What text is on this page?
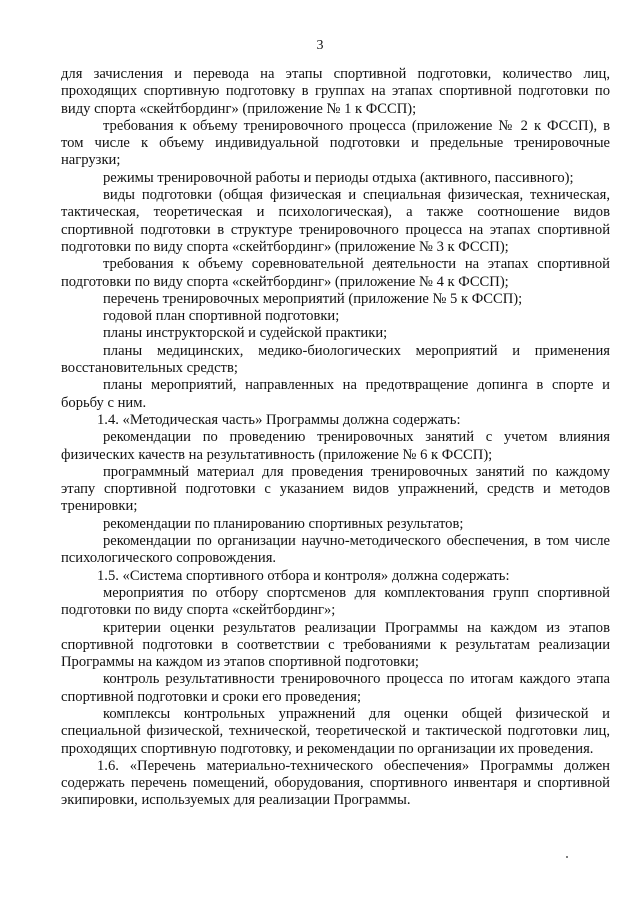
3

для зачисления и перевода на этапы спортивной подготовки, количество лиц, проходящих спортивную подготовку в группах на этапах спортивной подготовки по виду спорта «скейтбординг» (приложение № 1 к ФССП);

требования к объему тренировочного процесса (приложение № 2 к ФССП), в том числе к объему индивидуальной подготовки и предельные тренировочные нагрузки;

режимы тренировочной работы и периоды отдыха (активного, пассивного);

виды подготовки (общая физическая и специальная физическая, техническая, тактическая, теоретическая и психологическая), а также соотношение видов спортивной подготовки в структуре тренировочного процесса на этапах спортивной подготовки по виду спорта «скейтбординг» (приложение № 3 к ФССП);

требования к объему соревновательной деятельности на этапах спортивной подготовки по виду спорта «скейтбординг» (приложение № 4 к ФССП);

перечень тренировочных мероприятий (приложение № 5 к ФССП);

годовой план спортивной подготовки;

планы инструкторской и судейской практики;

планы медицинских, медико-биологических мероприятий и применения восстановительных средств;

планы мероприятий, направленных на предотвращение допинга в спорте и борьбу с ним.

1.4. «Методическая часть» Программы должна содержать:

рекомендации по проведению тренировочных занятий с учетом влияния физических качеств на результативность (приложение № 6 к ФССП);

программный материал для проведения тренировочных занятий по каждому этапу спортивной подготовки с указанием видов упражнений, средств и методов тренировки;

рекомендации по планированию спортивных результатов;

рекомендации по организации научно-методического обеспечения, в том числе психологического сопровождения.

1.5. «Система спортивного отбора и контроля» должна содержать:

мероприятия по отбору спортсменов для комплектования групп спортивной подготовки по виду спорта «скейтбординг»;

критерии оценки результатов реализации Программы на каждом из этапов спортивной подготовки в соответствии с требованиями к результатам реализации Программы на каждом из этапов спортивной подготовки;

контроль результативности тренировочного процесса по итогам каждого этапа спортивной подготовки и сроки его проведения;

комплексы контрольных упражнений для оценки общей физической и специальной физической, технической, теоретической и тактической подготовки лиц, проходящих спортивную подготовку, и рекомендации по организации их проведения.

1.6. «Перечень материально-технического обеспечения» Программы должен содержать перечень помещений, оборудования, спортивного инвентаря и спортивной экипировки, используемых для реализации Программы.
